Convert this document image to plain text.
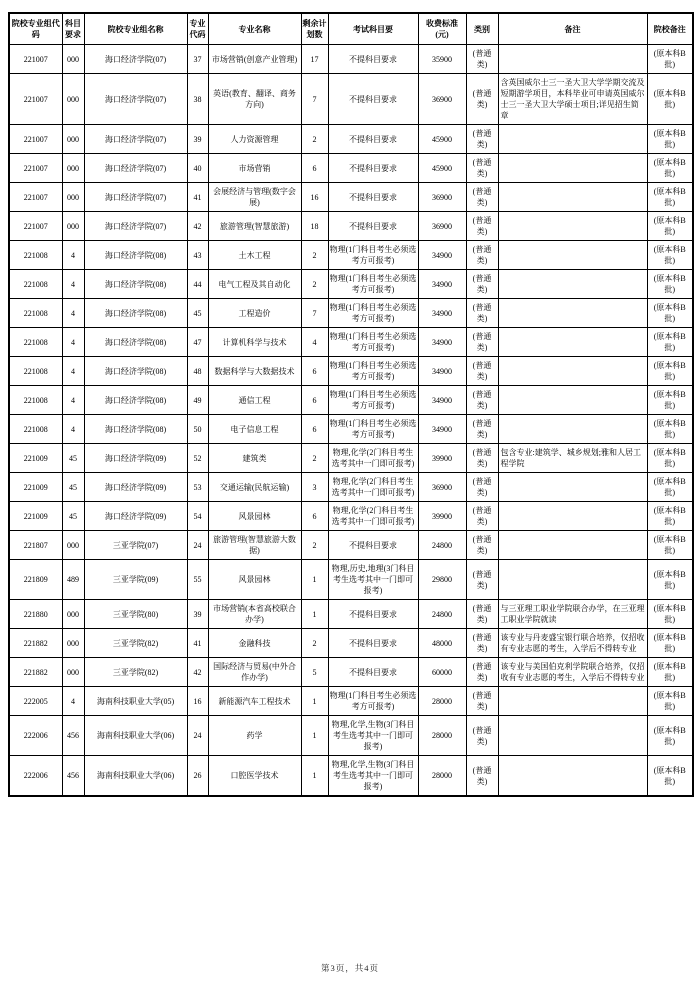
院校专业组代码	科目要求	院校专业组名称	专业代码	专业名称	剩余计划数	考试科目要	收费标准(元)	类别	备注	院校备注
221007	000	海口经济学院(07)	37	市场营销(创意产业管理)	17	不提科目要求	35900	(普通类)		(原本科B批)
221007	000	海口经济学院(07)	38	英语(教育、翻译、商务方向)	7	不提科目要求	36900	(普通类)	含英国威尔士三一圣大卫大学学期交流及短期游学项目，本科毕业可申请英国威尔士三一圣大卫大学硕士项目;详见招生简章	(原本科B批)
221007	000	海口经济学院(07)	39	人力资源管理	2	不提科目要求	45900	(普通类)		(原本科B批)
221007	000	海口经济学院(07)	40	市场营销	6	不提科目要求	45900	(普通类)		(原本科B批)
221007	000	海口经济学院(07)	41	会展经济与管理(数字会展)	16	不提科目要求	36900	(普通类)		(原本科B批)
221007	000	海口经济学院(07)	42	旅游管理(智慧旅游)	18	不提科目要求	36900	(普通类)		(原本科B批)
221008	4	海口经济学院(08)	43	土木工程	2	物理(1门科目考生必须选考方可报考)	34900	(普通类)		(原本科B批)
221008	4	海口经济学院(08)	44	电气工程及其自动化	2	物理(1门科目考生必须选考方可报考)	34900	(普通类)		(原本科B批)
221008	4	海口经济学院(08)	45	工程造价	7	物理(1门科目考生必须选考方可报考)	34900	(普通类)		(原本科B批)
221008	4	海口经济学院(08)	47	计算机科学与技术	4	物理(1门科目考生必须选考方可报考)	34900	(普通类)		(原本科B批)
221008	4	海口经济学院(08)	48	数据科学与大数据技术	6	物理(1门科目考生必须选考方可报考)	34900	(普通类)		(原本科B批)
221008	4	海口经济学院(08)	49	通信工程	6	物理(1门科目考生必须选考方可报考)	34900	(普通类)		(原本科B批)
221008	4	海口经济学院(08)	50	电子信息工程	6	物理(1门科目考生必须选考方可报考)	34900	(普通类)		(原本科B批)
221009	45	海口经济学院(09)	52	建筑类	2	物理,化学(2门科目考生选考其中一门即可报考)	39900	(普通类)	包含专业:建筑学、城乡规划;雅和人居工程学院	(原本科B批)
221009	45	海口经济学院(09)	53	交通运输(民航运输)	3	物理,化学(2门科目考生选考其中一门即可报考)	36900	(普通类)		(原本科B批)
221009	45	海口经济学院(09)	54	风景园林	6	物理,化学(2门科目考生选考其中一门即可报考)	39900	(普通类)		(原本科B批)
221807	000	三亚学院(07)	24	旅游管理(智慧旅游大数据)	2	不提科目要求	24800	(普通类)		(原本科B批)
221809	489	三亚学院(09)	55	风景园林	1	物理,历史,地理(3门科目考生选考其中一门即可报考)	29800	(普通类)		(原本科B批)
221880	000	三亚学院(80)	39	市场营销(本省高校联合办学)	1	不提科目要求	24800	(普通类)	与三亚理工职业学院联合办学，在三亚理工职业学院就读	(原本科B批)
221882	000	三亚学院(82)	41	金融科技	2	不提科目要求	48000	(普通类)	该专业与丹麦盛宝银行联合培养，仅招收有专业志愿的考生，入学后不得转专业	(原本科B批)
221882	000	三亚学院(82)	42	国际经济与贸易(中外合作办学)	5	不提科目要求	60000	(普通类)	该专业与美国伯克利学院联合培养，仅招收有专业志愿的考生，入学后不得转专业	(原本科B批)
222005	4	海南科技职业大学(05)	16	新能源汽车工程技术	1	物理(1门科目考生必须选考方可报考)	28000	(普通类)		(原本科B批)
222006	456	海南科技职业大学(06)	24	药学	1	物理,化学,生物(3门科目考生选考其中一门即可报考)	28000	(普通类)		(原本科B批)
222006	456	海南科技职业大学(06)	26	口腔医学技术	1	物理,化学,生物(3门科目考生选考其中一门即可报考)	28000	(普通类)		(原本科B批)
第3页，共4页
